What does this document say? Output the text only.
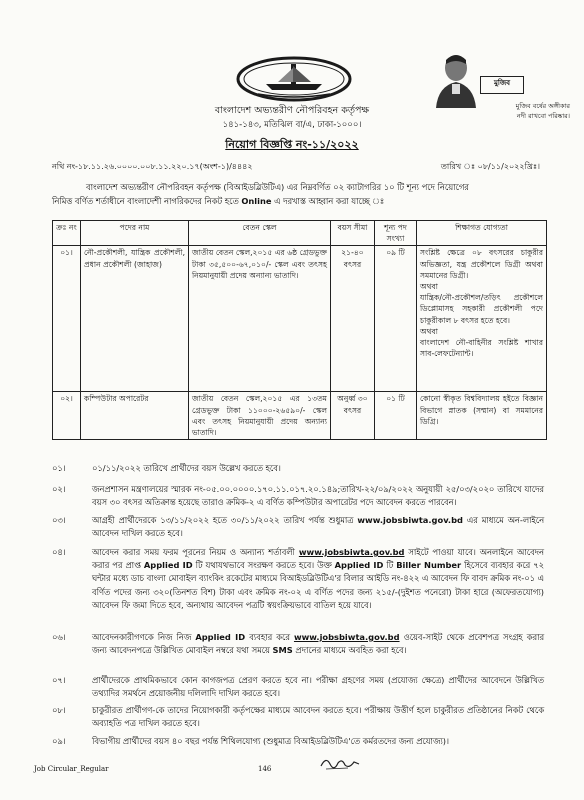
মুজিব
মুজিব বর্ষের অঙ্গীকার
নদী রাখবো পরিষ্কার।
বাংলাদেশ অভ্যন্তরীণ নৌপরিবহন কর্তৃপক্ষ
১৪১-১৪৩, মতিঝিল বা/এ, ঢাকা-১০০০।
নিয়োগ বিজ্ঞপ্তি নং-১১/২০২২
নথি নং-১৮.১১.২৬.০০০০.০০৮.১১.২২০.১৭(অংশ-১)/৪৪৪২	তারিখ ঃ ০৮/১১/২০২২খ্রিঃ।
বাংলাদেশ অভ্যন্তরীণ নৌপরিবহন কর্তৃপক্ষ (বিআইডব্লিউটিএ) এর নিম্নবর্ণিত ০২ ক্যাটাগরির ১০ টি শূন্য পদে নিয়োগের
নিমিত্ত বর্ণিত শর্তাধীনে বাংলাদেশী নাগরিকদের নিকট হতে Online এ দরখাস্ত আহ্বান করা যাচ্ছে ঃ
ক্রঃ নং	পদের নাম	বেতন স্কেল	বয়স সীমা	শূন্য পদ সংখ্যা	শিক্ষাগত যোগ্যতা
০১।	নৌ-প্রকৌশলী, যান্ত্রিক প্রকৌশলী, প্রধান প্রকৌশলী (জাহাজ)	জাতীয় বেতন স্কেল,২০১৫ এর ৬ষ্ঠ গ্রেডভুক্ত টাকা ৩৫,৫০০-৬৭,০১০/- স্কেল এবং তৎসহ নিয়মানুযায়ী প্রদেয় অন্যান্য ভাতাদি।	২১-৪০ বৎসর	০৯ টি	সংশ্লিষ্ট ক্ষেত্রে ০৮ বৎসরের চাকুরীর অভিজ্ঞতা, যন্ত্র প্রকৌশলে ডিগ্রী অথবা সমমানের ডিগ্রী।
অথবা
যান্ত্রিক/নৌ-প্রকৌশল/তড়িৎ প্রকৌশলে ডিপ্লোমাসহ সহকারী প্রকৌশলী পদে চাকুরীকাল ৮ বৎসর হতে হবে।
অথবা
বাংলাদেশ নৌ-বাহিনীর সংশ্লিষ্ট শাখার সাব-লেফটেন্যান্ট।

০২।	কম্পিউটার অপারেটর	জাতীয় বেতন স্কেল,২০১৫ এর ১৩তম গ্রেডভুক্ত টাকা ১১০০০-২৬৫৯০/- স্কেল এবং তৎসহ নিয়মানুযায়ী প্রদেয় অন্যান্য ভাতাদি।	অনুর্ধ্ব ৩০ বৎসর	০১ টি	কোনো স্বীকৃত বিশ্ববিদ্যালয় হইতে বিজ্ঞান বিভাগে স্নাতক (সম্মান) বা সমমানের ডিগ্রি।
০১।	০১/১১/২০২২ তারিখে প্রার্থীদের বয়স উল্লেখ করতে হবে।
০২।	জনপ্রশাসন মন্ত্রণালয়ের স্মারক নং-০৫.০০.০০০০.১৭০.১১.০১৭.২০.১৪৯;তারিখ-২২/০৯/২০২২ অনুযায়ী ২৫/০৩/২০২০ তারিখে যাদের বয়স ৩০ বৎসর অতিক্রান্ত হয়েছে তারাও ক্রমিক-২ এ বর্ণিত কম্পিউটার অপারেটর পদে আবেদন করতে পারবেন।
০৩।	আগ্রহী প্রার্থীদেরকে ১৩/১১/২০২২ হতে ৩০/১১/২০২২ তারিখ পর্যন্ত শুধুমাত্র www.jobsbiwta.gov.bd এর মাধ্যমে অন-লাইনে আবেদন দাখিল করতে হবে।
০৪।	আবেদন করার সময় ফরম পূরনের নিয়ম ও অন্যান্য শর্তাবলী www.jobsbiwta.gov.bd সাইটে পাওয়া যাবে। অনলাইনে আবেদন করার পর প্রাপ্ত Applied ID টি যথাযথভাবে সংরক্ষণ করতে হবে। উক্ত Applied ID টি Biller Number হিসেবে ব্যবহার করে ৭২ ঘন্টার মধ্যে ডাচ বাংলা মোবাইল ব্যাংকিং রকেটের মাধ্যমে বিআইডব্লিউটিএ'র বিলার আইডি নং-৪২২ এ আবেদন ফি বাবদ ক্রমিক নং-০১ এ বর্ণিত পদের জন্য ৩২০(তিনশত বিশ) টাকা এবং ক্রমিক নং-০২ এ বর্ণিত পদের জন্য ২১৫/-(দুইশত পনেরো) টাকা হারে (অফেরতযোগ্য) আবেদন ফি জমা দিতে হবে, অন্যথায় আবেদন পত্রটি স্বয়ংক্রিয়ভাবে বাতিল হয়ে যাবে।
০৬।	আবেদনকারীগণকে নিজ নিজ Applied ID ব্যবহার করে www.jobsbiwta.gov.bd ওয়েব-সাইট থেকে প্রবেশপত্র সংগ্রহ করার জন্য আবেদনপত্রে উল্লিখিত মোবাইল নম্বরে যথা সময়ে SMS প্রদানের মাধ্যমে অবহিত করা হবে।
০৭।	প্রার্থীদেরকে প্রাথমিকভাবে কোন কাগজপত্র প্রেরণ করতে হবে না। পরীক্ষা গ্রহণের সময় (প্রযোজ্য ক্ষেত্রে) প্রার্থীদের আবেদনে উল্লিখিত তথ্যাদির সমর্থনে প্রয়োজনীয় দলিলাদি দাখিল করতে হবে।
০৮।	চাকুরীরত প্রার্থীগণ-কে তাদের নিয়োগকারী কর্তৃপক্ষের মাধ্যমে আবেদন করতে হবে। পরীক্ষায় উত্তীর্ণ হলে চাকুরীরত প্রতিষ্ঠানের নিকট থেকে অব্যাহতি পত্র দাখিল করতে হবে।
০৯।	বিভাগীয় প্রার্থীদের বয়স ৪০ বছর পর্যন্ত শিথিলযোগ্য (শুধুমাত্র বিআইডব্লিউটিএ'তে কর্মরতদের জন্য প্রযোজ্য)।
Job Circular_Regular	146
